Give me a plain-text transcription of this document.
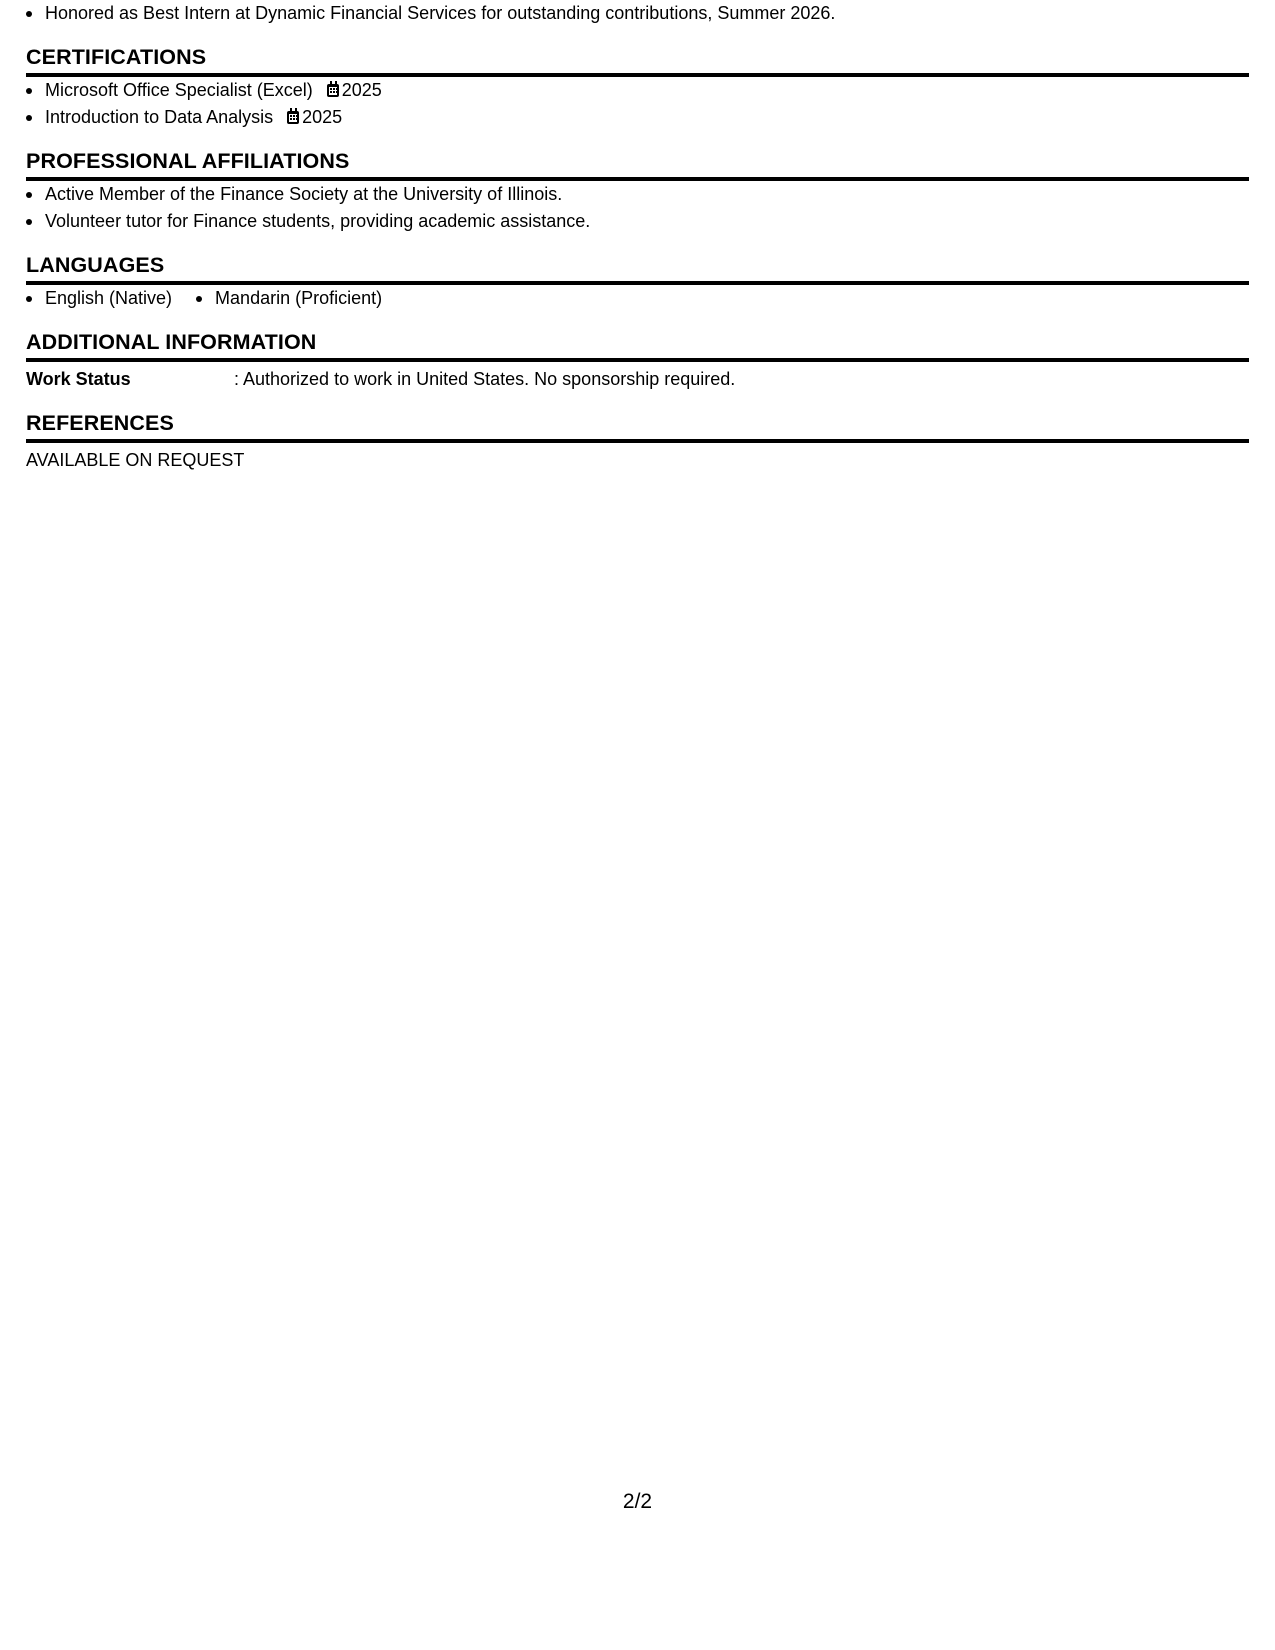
Honored as Best Intern at Dynamic Financial Services for outstanding contributions, Summer 2026.
CERTIFICATIONS
Microsoft Office Specialist (Excel) 2025
Introduction to Data Analysis 2025
PROFESSIONAL AFFILIATIONS
Active Member of the Finance Society at the University of Illinois.
Volunteer tutor for Finance students, providing academic assistance.
LANGUAGES
English (Native)	Mandarin (Proficient)
ADDITIONAL INFORMATION
Work Status	: Authorized to work in United States. No sponsorship required.
REFERENCES
AVAILABLE ON REQUEST
2/2
